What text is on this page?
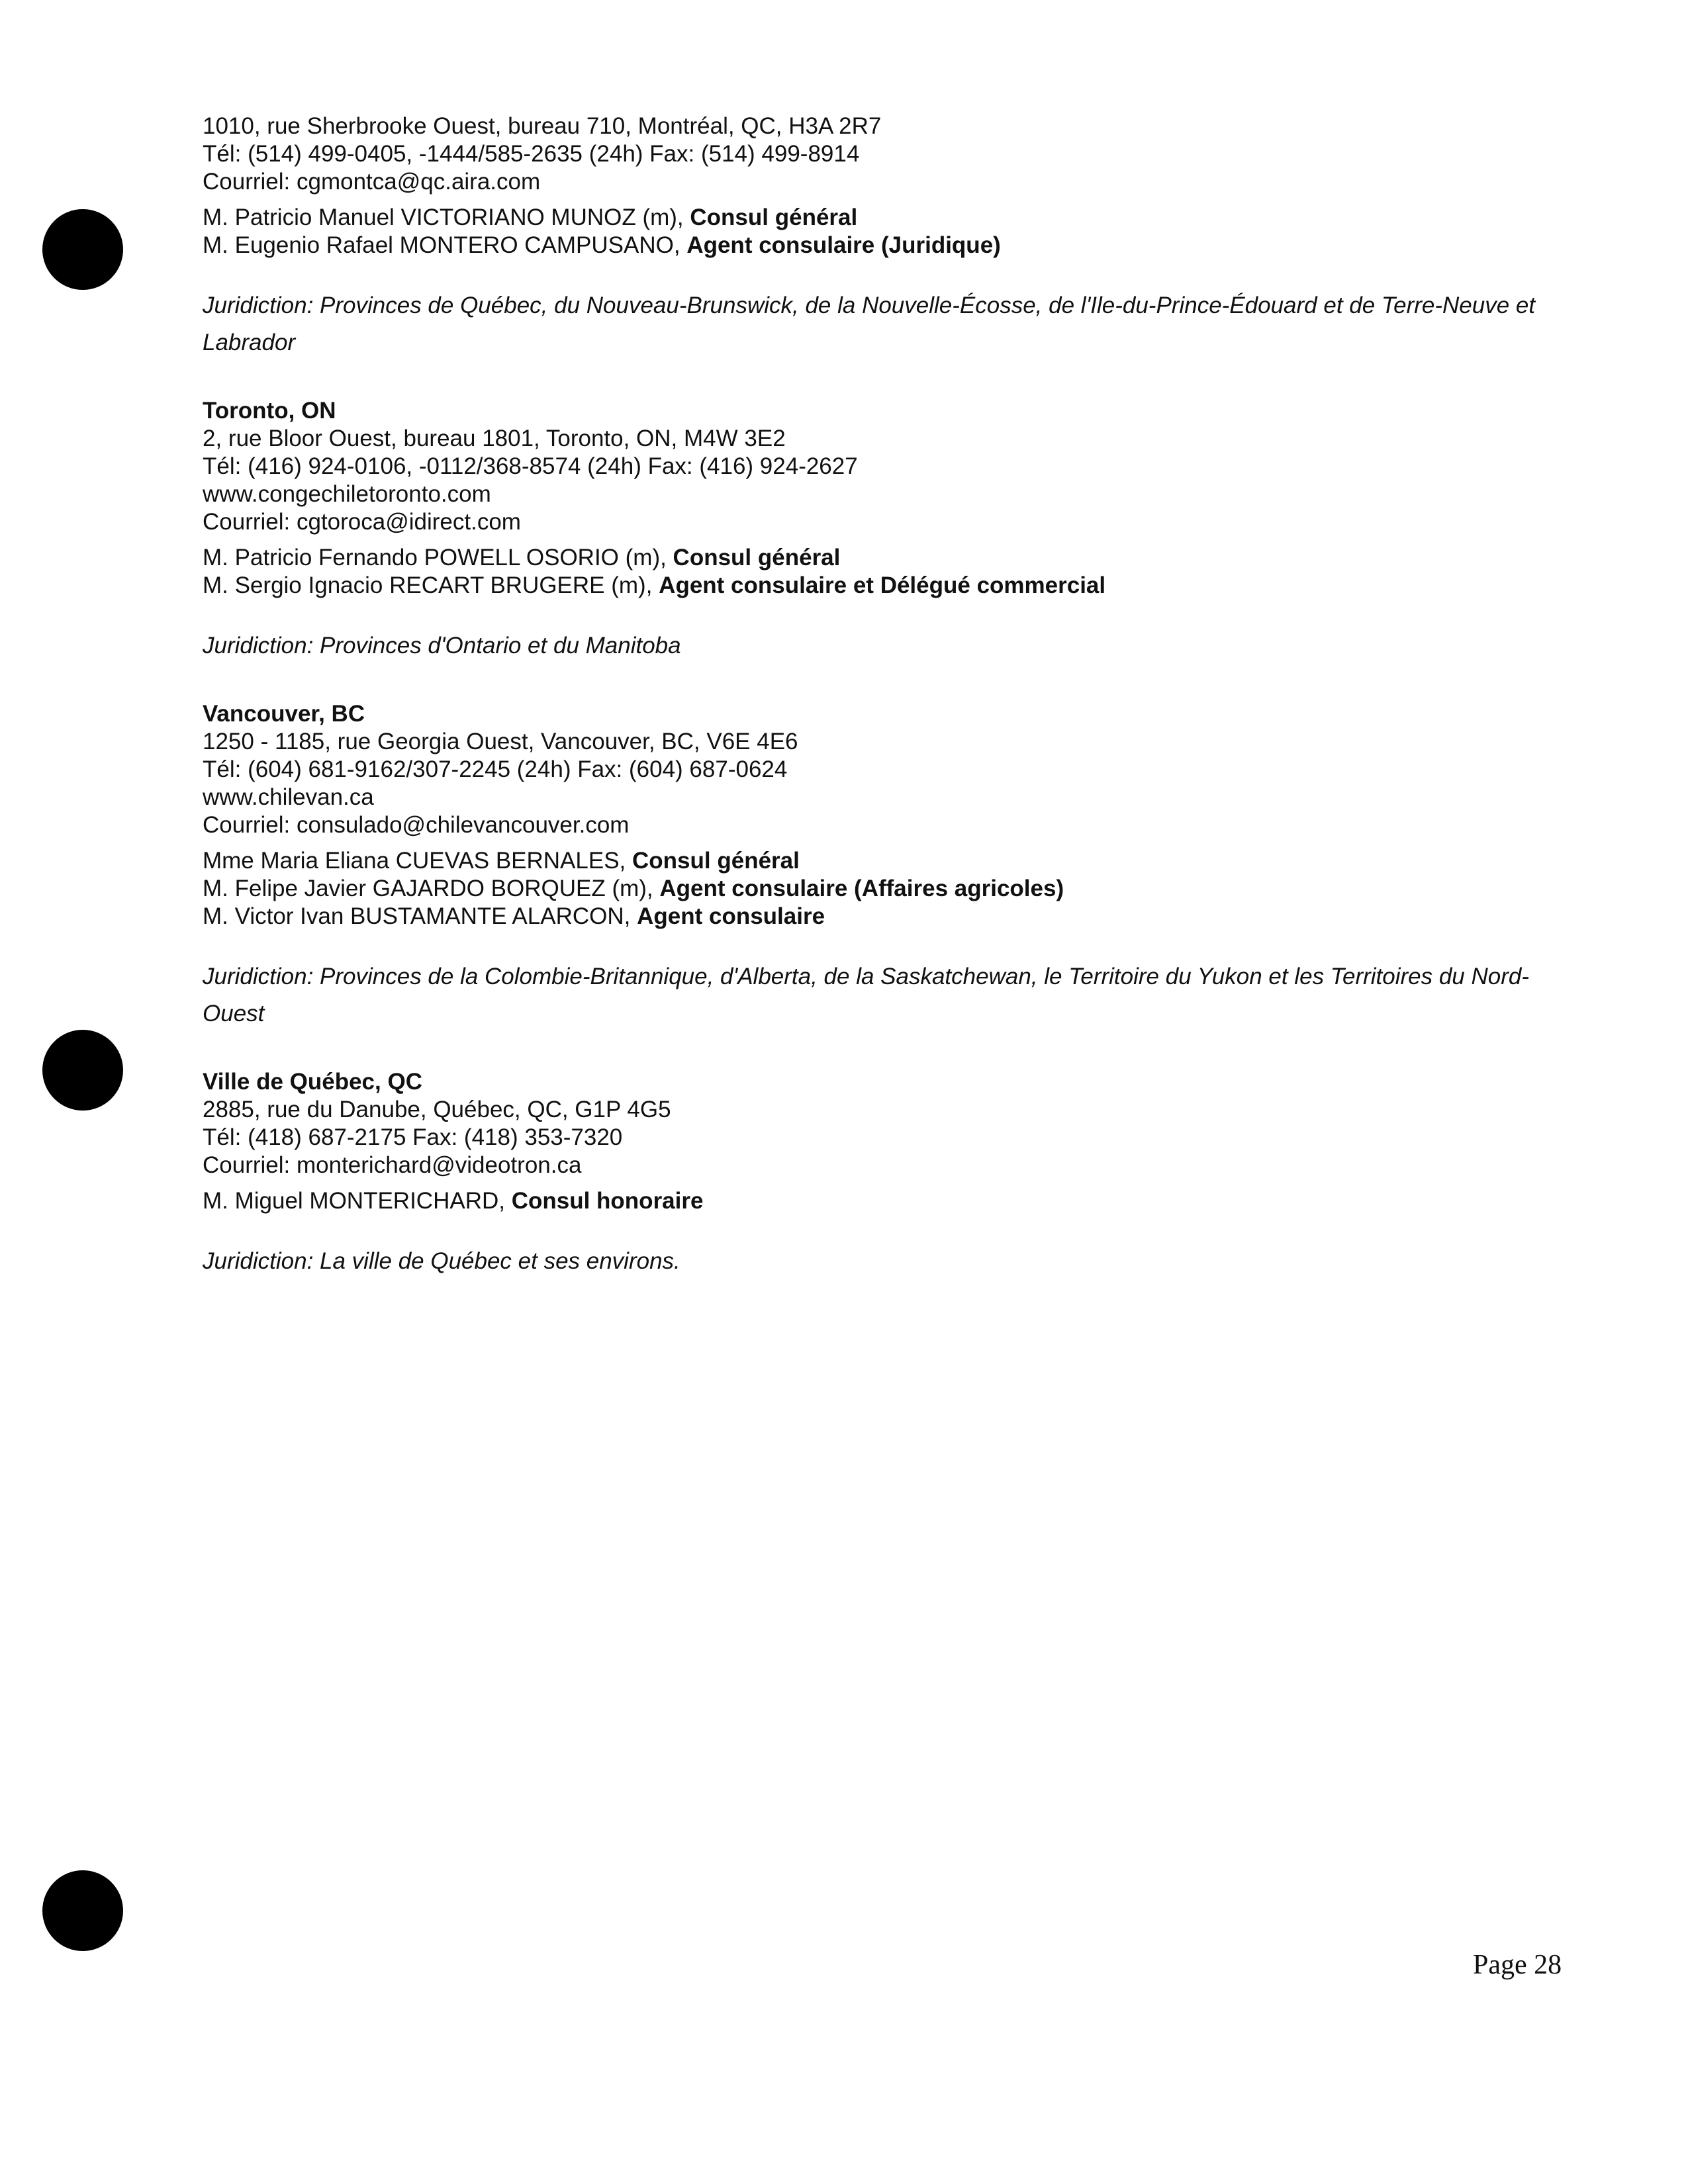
1010, rue Sherbrooke Ouest, bureau 710, Montréal, QC, H3A 2R7
Tél: (514) 499-0405, -1444/585-2635 (24h) Fax: (514) 499-8914
Courriel: cgmontca@qc.aira.com
M. Patricio Manuel VICTORIANO MUNOZ (m), Consul général
M. Eugenio Rafael MONTERO CAMPUSANO, Agent consulaire (Juridique)
Juridiction: Provinces de Québec, du Nouveau-Brunswick, de la Nouvelle-Écosse, de l'Ile-du-Prince-Édouard et de Terre-Neuve et Labrador
Toronto, ON
2, rue Bloor Ouest, bureau 1801, Toronto, ON, M4W 3E2
Tél: (416) 924-0106, -0112/368-8574 (24h) Fax: (416) 924-2627
www.congechiletoronto.com
Courriel: cgtoroca@idirect.com
M. Patricio Fernando POWELL OSORIO (m), Consul général
M. Sergio Ignacio RECART BRUGERE (m), Agent consulaire et Délégué commercial
Juridiction: Provinces d'Ontario et du Manitoba
Vancouver, BC
1250 - 1185, rue Georgia Ouest, Vancouver, BC, V6E 4E6
Tél: (604) 681-9162/307-2245 (24h) Fax: (604) 687-0624
www.chilevan.ca
Courriel: consulado@chilevancouver.com
Mme Maria Eliana CUEVAS BERNALES, Consul général
M. Felipe Javier GAJARDO BORQUEZ (m), Agent consulaire (Affaires agricoles)
M. Victor Ivan BUSTAMANTE ALARCON, Agent consulaire
Juridiction: Provinces de la Colombie-Britannique, d'Alberta, de la Saskatchewan, le Territoire du Yukon et les Territoires du Nord-Ouest
Ville de Québec, QC
2885, rue du Danube, Québec, QC, G1P 4G5
Tél: (418) 687-2175 Fax: (418) 353-7320
Courriel: monterichard@videotron.ca
M. Miguel MONTERICHARD, Consul honoraire
Juridiction: La ville de Québec et ses environs.
Page 28
